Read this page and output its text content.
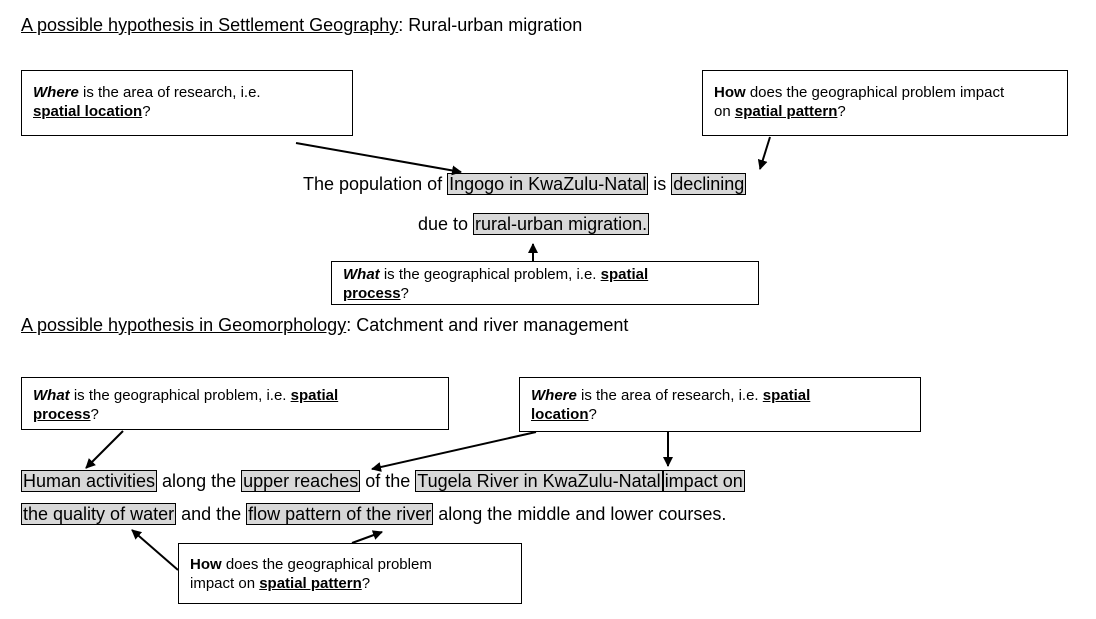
A possible hypothesis in Settlement Geography: Rural-urban migration
Where is the area of research, i.e.
spatial location?
How does the geographical problem impact
on spatial pattern?
The population of Ingogo in KwaZulu-Natal is declining
due to rural-urban migration.
What is the geographical problem, i.e. spatial
process?
A possible hypothesis in Geomorphology: Catchment and river management
What is the geographical problem, i.e. spatial
process?
Where is the area of research, i.e. spatial
location?
Human activities along the upper reaches of the Tugela River in KwaZulu-Natal impact on
the quality of water and the flow pattern of the river along the middle and lower courses.
How does the geographical problem
impact on spatial pattern?
